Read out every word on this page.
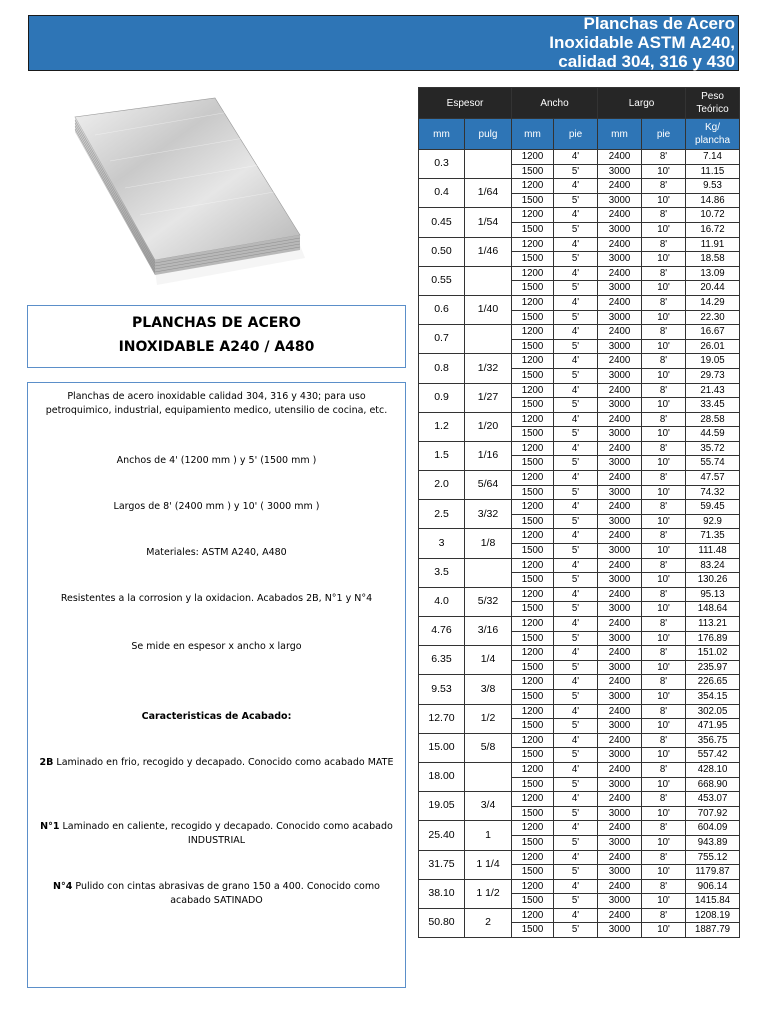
Planchas de Acero
Inoxidable ASTM A240,
calidad 304, 316 y 430
PLANCHAS DE ACERO
INOXIDABLE A240 / A480
Planchas de acero inoxidable calidad 304, 316 y 430; para uso petroquimico, industrial, equipamiento medico, utensilio de cocina, etc.
Anchos de 4' (1200 mm ) y 5' (1500 mm )
Largos de 8' (2400 mm ) y 10' ( 3000 mm )
Materiales: ASTM A240, A480
Resistentes a la corrosion y la oxidacion. Acabados 2B, N°1 y N°4
Se mide en espesor x ancho x largo
Caracteristicas de Acabado:
2B Laminado en frio, recogido y decapado. Conocido como acabado MATE
N°1 Laminado en caliente, recogido y decapado. Conocido como acabado INDUSTRIAL
N°4 Pulido con cintas abrasivas de grano 150 a 400. Conocido como acabado SATINADO
Espesor		Ancho		Largo		Peso
Teórico
mm	pulg	mm	pie	mm	pie	Kg/
plancha
0.3		1200	4'	2400	8'	7.14
		1500	5'	3000	10'	11.15
0.4	1/64	1200	4'	2400	8'	9.53
		1500	5'	3000	10'	14.86
0.45	1/54	1200	4'	2400	8'	10.72
		1500	5'	3000	10'	16.72
0.50	1/46	1200	4'	2400	8'	11.91
		1500	5'	3000	10'	18.58
0.55		1200	4'	2400	8'	13.09
		1500	5'	3000	10'	20.44
0.6	1/40	1200	4'	2400	8'	14.29
		1500	5'	3000	10'	22.30
0.7		1200	4'	2400	8'	16.67
		1500	5'	3000	10'	26.01
0.8	1/32	1200	4'	2400	8'	19.05
		1500	5'	3000	10'	29.73
0.9	1/27	1200	4'	2400	8'	21.43
		1500	5'	3000	10'	33.45
1.2	1/20	1200	4'	2400	8'	28.58
		1500	5'	3000	10'	44.59
1.5	1/16	1200	4'	2400	8'	35.72
		1500	5'	3000	10'	55.74
2.0	5/64	1200	4'	2400	8'	47.57
		1500	5'	3000	10'	74.32
2.5	3/32	1200	4'	2400	8'	59.45
		1500	5'	3000	10'	92.9
3	1/8	1200	4'	2400	8'	71.35
		1500	5'	3000	10'	111.48
3.5		1200	4'	2400	8'	83.24
		1500	5'	3000	10'	130.26
4.0	5/32	1200	4'	2400	8'	95.13
		1500	5'	3000	10'	148.64
4.76	3/16	1200	4'	2400	8'	113.21
		1500	5'	3000	10'	176.89
6.35	1/4	1200	4'	2400	8'	151.02
		1500	5'	3000	10'	235.97
9.53	3/8	1200	4'	2400	8'	226.65
		1500	5'	3000	10'	354.15
12.70	1/2	1200	4'	2400	8'	302.05
		1500	5'	3000	10'	471.95
15.00	5/8	1200	4'	2400	8'	356.75
		1500	5'	3000	10'	557.42
18.00		1200	4'	2400	8'	428.10
		1500	5'	3000	10'	668.90
19.05	3/4	1200	4'	2400	8'	453.07
		1500	5'	3000	10'	707.92
25.40	1	1200	4'	2400	8'	604.09
		1500	5'	3000	10'	943.89
31.75	1 1/4	1200	4'	2400	8'	755.12
		1500	5'	3000	10'	1179.87
38.10	1 1/2	1200	4'	2400	8'	906.14
		1500	5'	3000	10'	1415.84
50.80	2	1200	4'	2400	8'	1208.19
		1500	5'	3000	10'	1887.79
